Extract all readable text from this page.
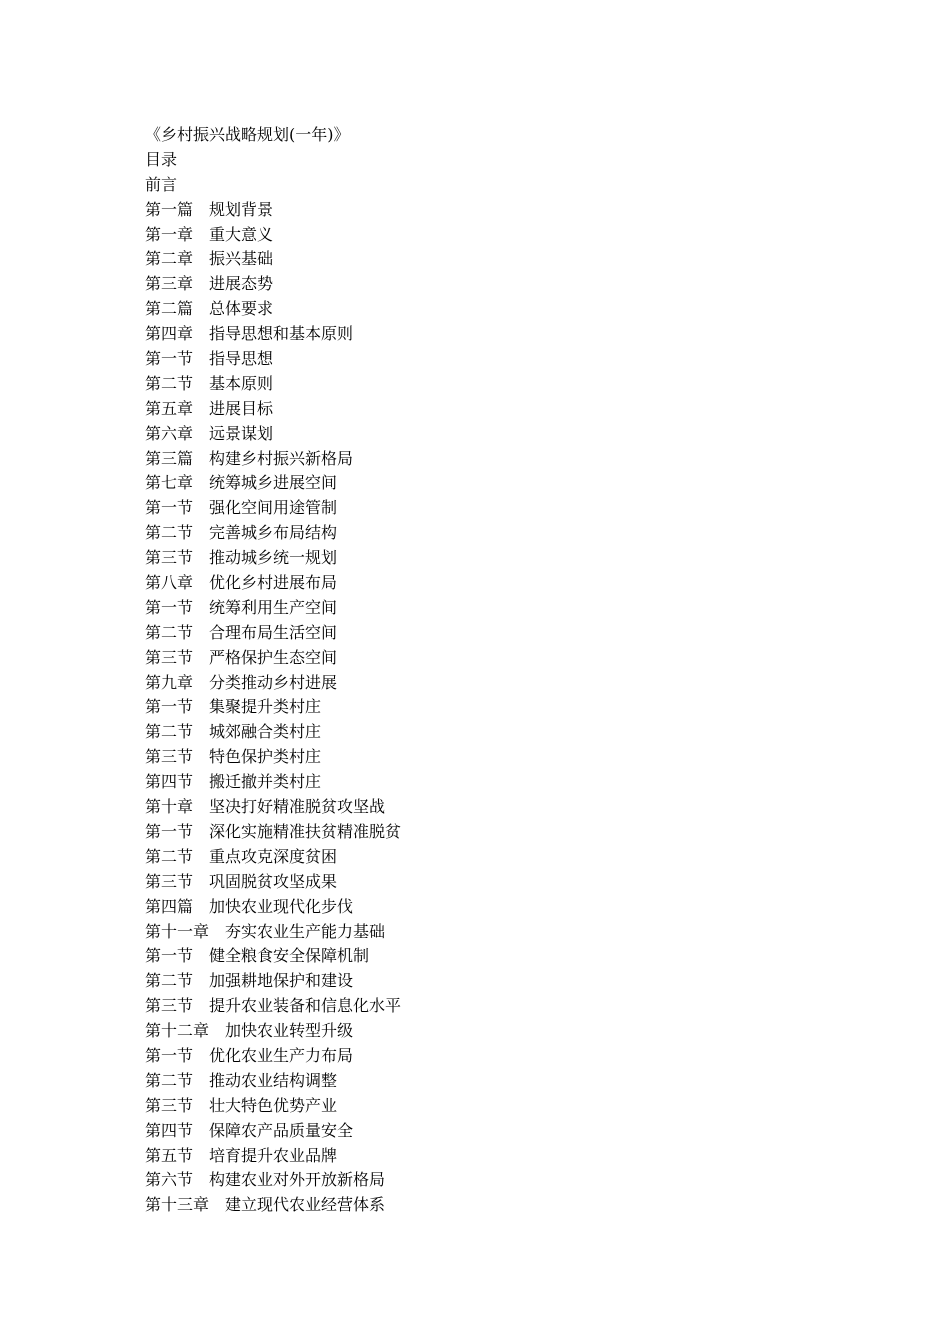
《乡村振兴战略规划(一年)》
目录
前言
第一篇　规划背景
第一章　重大意义
第二章　振兴基础
第三章　进展态势
第二篇　总体要求
第四章　指导思想和基本原则
第一节　指导思想
第二节　基本原则
第五章　进展目标
第六章　远景谋划
第三篇　构建乡村振兴新格局
第七章　统筹城乡进展空间
第一节　强化空间用途管制
第二节　完善城乡布局结构
第三节　推动城乡统一规划
第八章　优化乡村进展布局
第一节　统筹利用生产空间
第二节　合理布局生活空间
第三节　严格保护生态空间
第九章　分类推动乡村进展
第一节　集聚提升类村庄
第二节　城郊融合类村庄
第三节　特色保护类村庄
第四节　搬迁撤并类村庄
第十章　坚决打好精准脱贫攻坚战
第一节　深化实施精准扶贫精准脱贫
第二节　重点攻克深度贫困
第三节　巩固脱贫攻坚成果
第四篇　加快农业现代化步伐
第十一章　夯实农业生产能力基础
第一节　健全粮食安全保障机制
第二节　加强耕地保护和建设
第三节　提升农业装备和信息化水平
第十二章　加快农业转型升级
第一节　优化农业生产力布局
第二节　推动农业结构调整
第三节　壮大特色优势产业
第四节　保障农产品质量安全
第五节　培育提升农业品牌
第六节　构建农业对外开放新格局
第十三章　建立现代农业经营体系
